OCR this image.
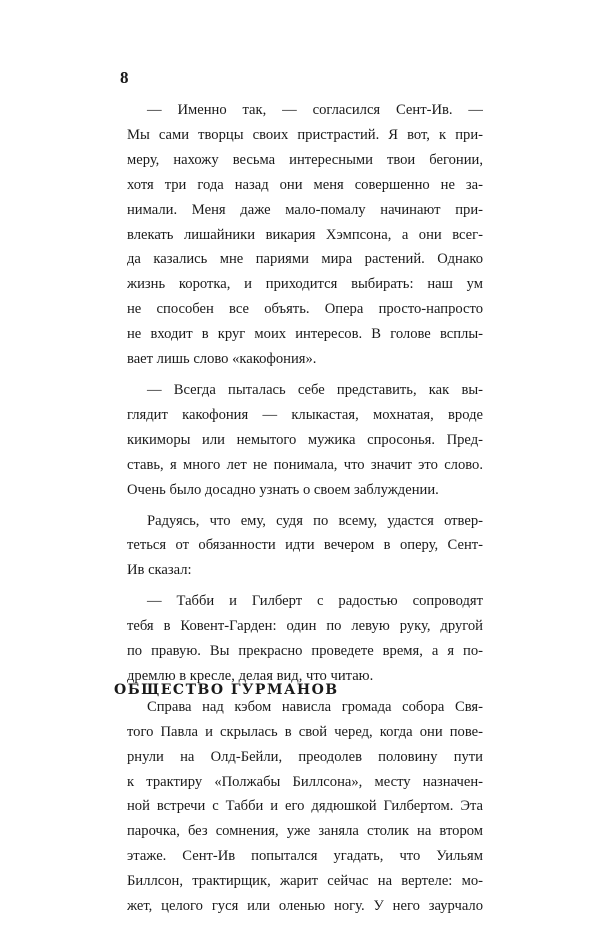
8
— Именно так, — согласился Сент-Ив. —
Мы сами творцы своих пристрастий. Я вот, к при-
меру, нахожу весьма интересными твои бегонии,
хотя три года назад они меня совершенно не за-
нимали. Меня даже мало-помалу начинают при-
влекать лишайники викария Хэмпсона, а они всег-
да казались мне париями мира растений. Однако
жизнь коротка, и приходится выбирать: наш ум
не способен все объять. Опера просто-напросто
не входит в круг моих интересов. В голове всплы-
вает лишь слово «какофония».
— Всегда пыталась себе представить, как вы-
глядит какофония — клыкастая, мохнатая, вроде
кикиморы или немытого мужика спросонья. Пред-
ставь, я много лет не понимала, что значит это слово.
Очень было досадно узнать о своем заблуждении.
Радуясь, что ему, судя по всему, удастся отвер-
теться от обязанности идти вечером в оперу, Сент-
Ив сказал:
— Табби и Гилберт с радостью сопроводят
тебя в Ковент-Гарден: один по левую руку, другой
по правую. Вы прекрасно проведете время, а я по-
дремлю в кресле, делая вид, что читаю.
Справа над кэбом нависла громада собора Свя-
того Павла и скрылась в свой черед, когда они пове-
рнули на Олд-Бейли, преодолев половину пути
к трактиру «Полжабы Биллсона», месту назначен-
ной встречи с Табби и его дядюшкой Гилбертом. Эта
парочка, без сомнения, уже заняла столик на втором
этаже. Сент-Ив попытался угадать, что Уильям
Биллсон, трактирщик, жарит сейчас на вертеле: мо-
жет, целого гуся или оленью ногу. У него заурчало
ОБЩЕСТВО ГУРМАНОВ
